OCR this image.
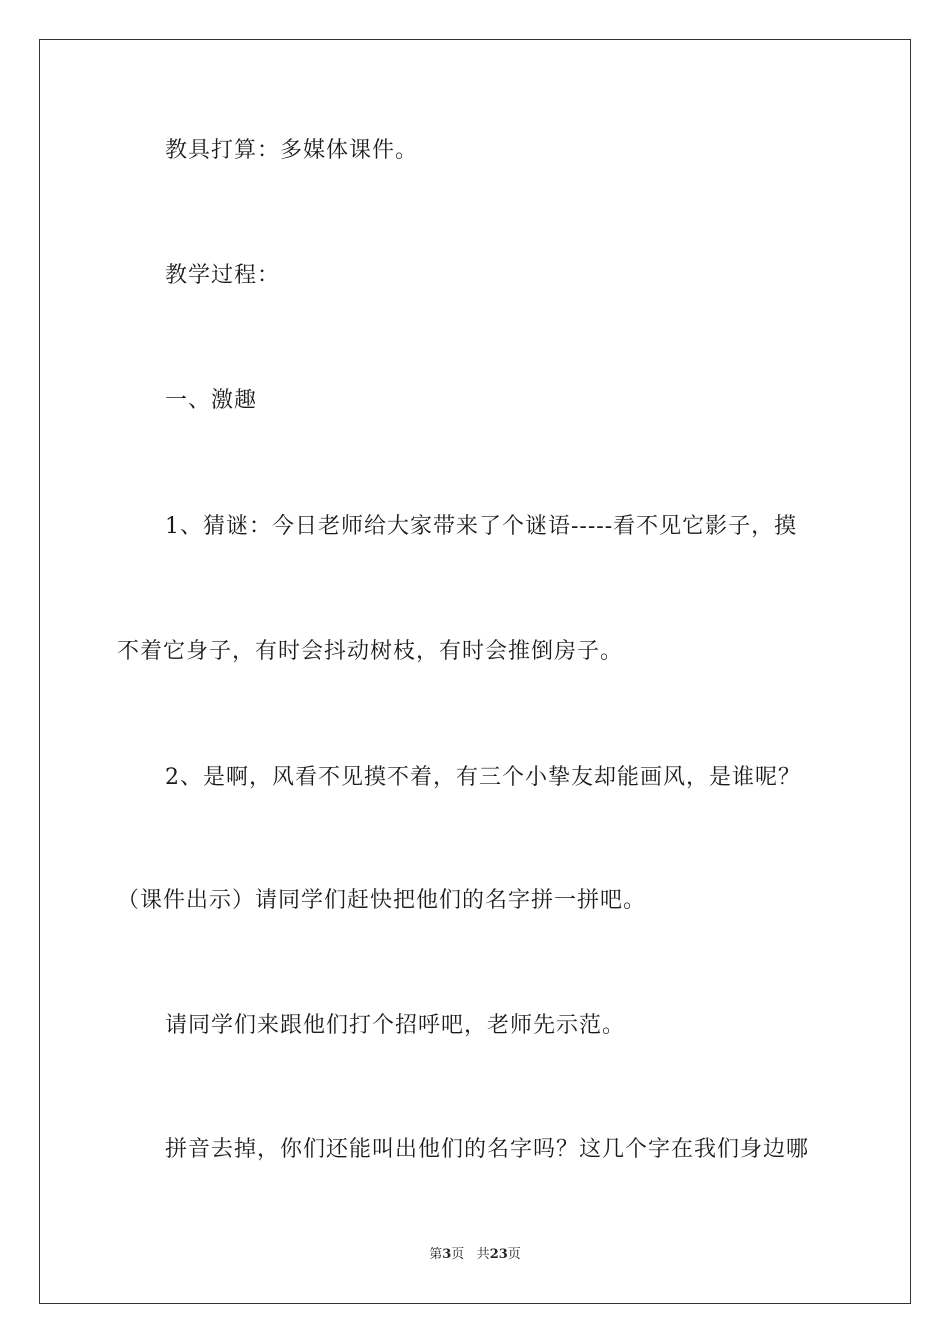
教具打算：多媒体课件。
教学过程：
一、激趣
1、猜谜：今日老师给大家带来了个谜语-----看不见它影子，摸
不着它身子，有时会抖动树枝，有时会推倒房子。
2、是啊，风看不见摸不着，有三个小挚友却能画风，是谁呢？
（课件出示）请同学们赶快把他们的名字拼一拼吧。
请同学们来跟他们打个招呼吧，老师先示范。
拼音去掉，你们还能叫出他们的名字吗？这几个字在我们身边哪
第3页 共23页
